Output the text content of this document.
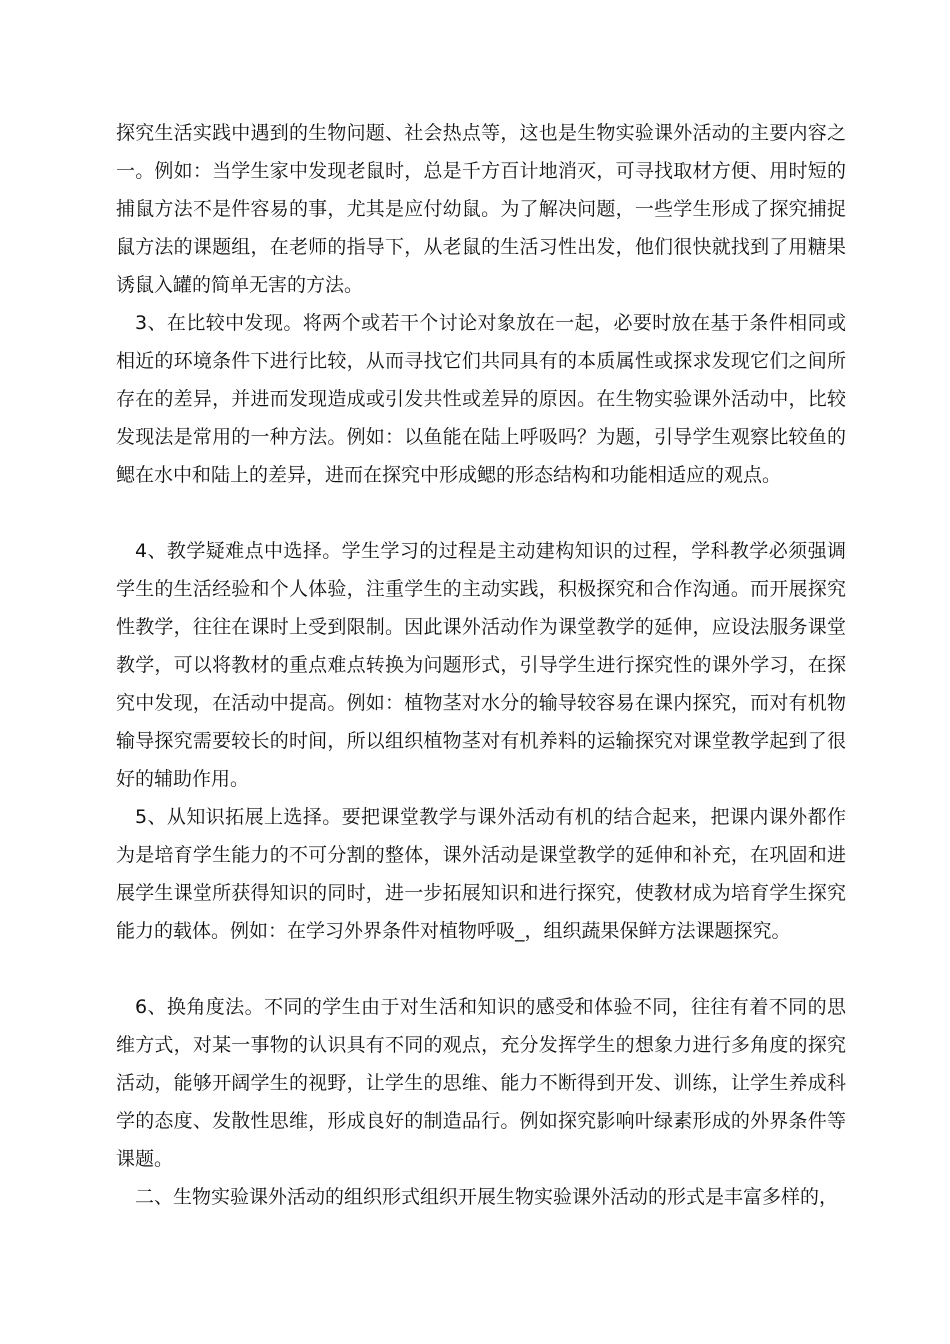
探究生活实践中遇到的生物问题、社会热点等，这也是生物实验课外活动的主要内容之一。例如：当学生家中发现老鼠时，总是千方百计地消灭，可寻找取材方便、用时短的捕鼠方法不是件容易的事，尤其是应付幼鼠。为了解决问题，一些学生形成了探究捕捉鼠方法的课题组，在老师的指导下，从老鼠的生活习性出发，他们很快就找到了用糖果诱鼠入罐的简单无害的方法。

3、在比较中发现。将两个或若干个讨论对象放在一起，必要时放在基于条件相同或相近的环境条件下进行比较，从而寻找它们共同具有的本质属性或探求发现它们之间所存在的差异，并进而发现造成或引发共性或差异的原因。在生物实验课外活动中，比较发现法是常用的一种方法。例如：以鱼能在陆上呼吸吗？为题，引导学生观察比较鱼的鳃在水中和陆上的差异，进而在探究中形成鳃的形态结构和功能相适应的观点。

4、教学疑难点中选择。学生学习的过程是主动建构知识的过程，学科教学必须强调学生的生活经验和个人体验，注重学生的主动实践，积极探究和合作沟通。而开展探究性教学，往往在课时上受到限制。因此课外活动作为课堂教学的延伸，应设法服务课堂教学，可以将教材的重点难点转换为问题形式，引导学生进行探究性的课外学习，在探究中发现，在活动中提高。例如：植物茎对水分的输导较容易在课内探究，而对有机物输导探究需要较长的时间，所以组织植物茎对有机养料的运输探究对课堂教学起到了很好的辅助作用。

5、从知识拓展上选择。要把课堂教学与课外活动有机的结合起来，把课内课外都作为是培育学生能力的不可分割的整体，课外活动是课堂教学的延伸和补充，在巩固和进展学生课堂所获得知识的同时，进一步拓展知识和进行探究，使教材成为培育学生探究能力的载体。例如：在学习外界条件对植物呼吸_，组织蔬果保鲜方法课题探究。

6、换角度法。不同的学生由于对生活和知识的感受和体验不同，往往有着不同的思维方式，对某一事物的认识具有不同的观点，充分发挥学生的想象力进行多角度的探究活动，能够开阔学生的视野，让学生的思维、能力不断得到开发、训练，让学生养成科学的态度、发散性思维，形成良好的制造品行。例如探究影响叶绿素形成的外界条件等课题。

二、生物实验课外活动的组织形式组织开展生物实验课外活动的形式是丰富多样的，
